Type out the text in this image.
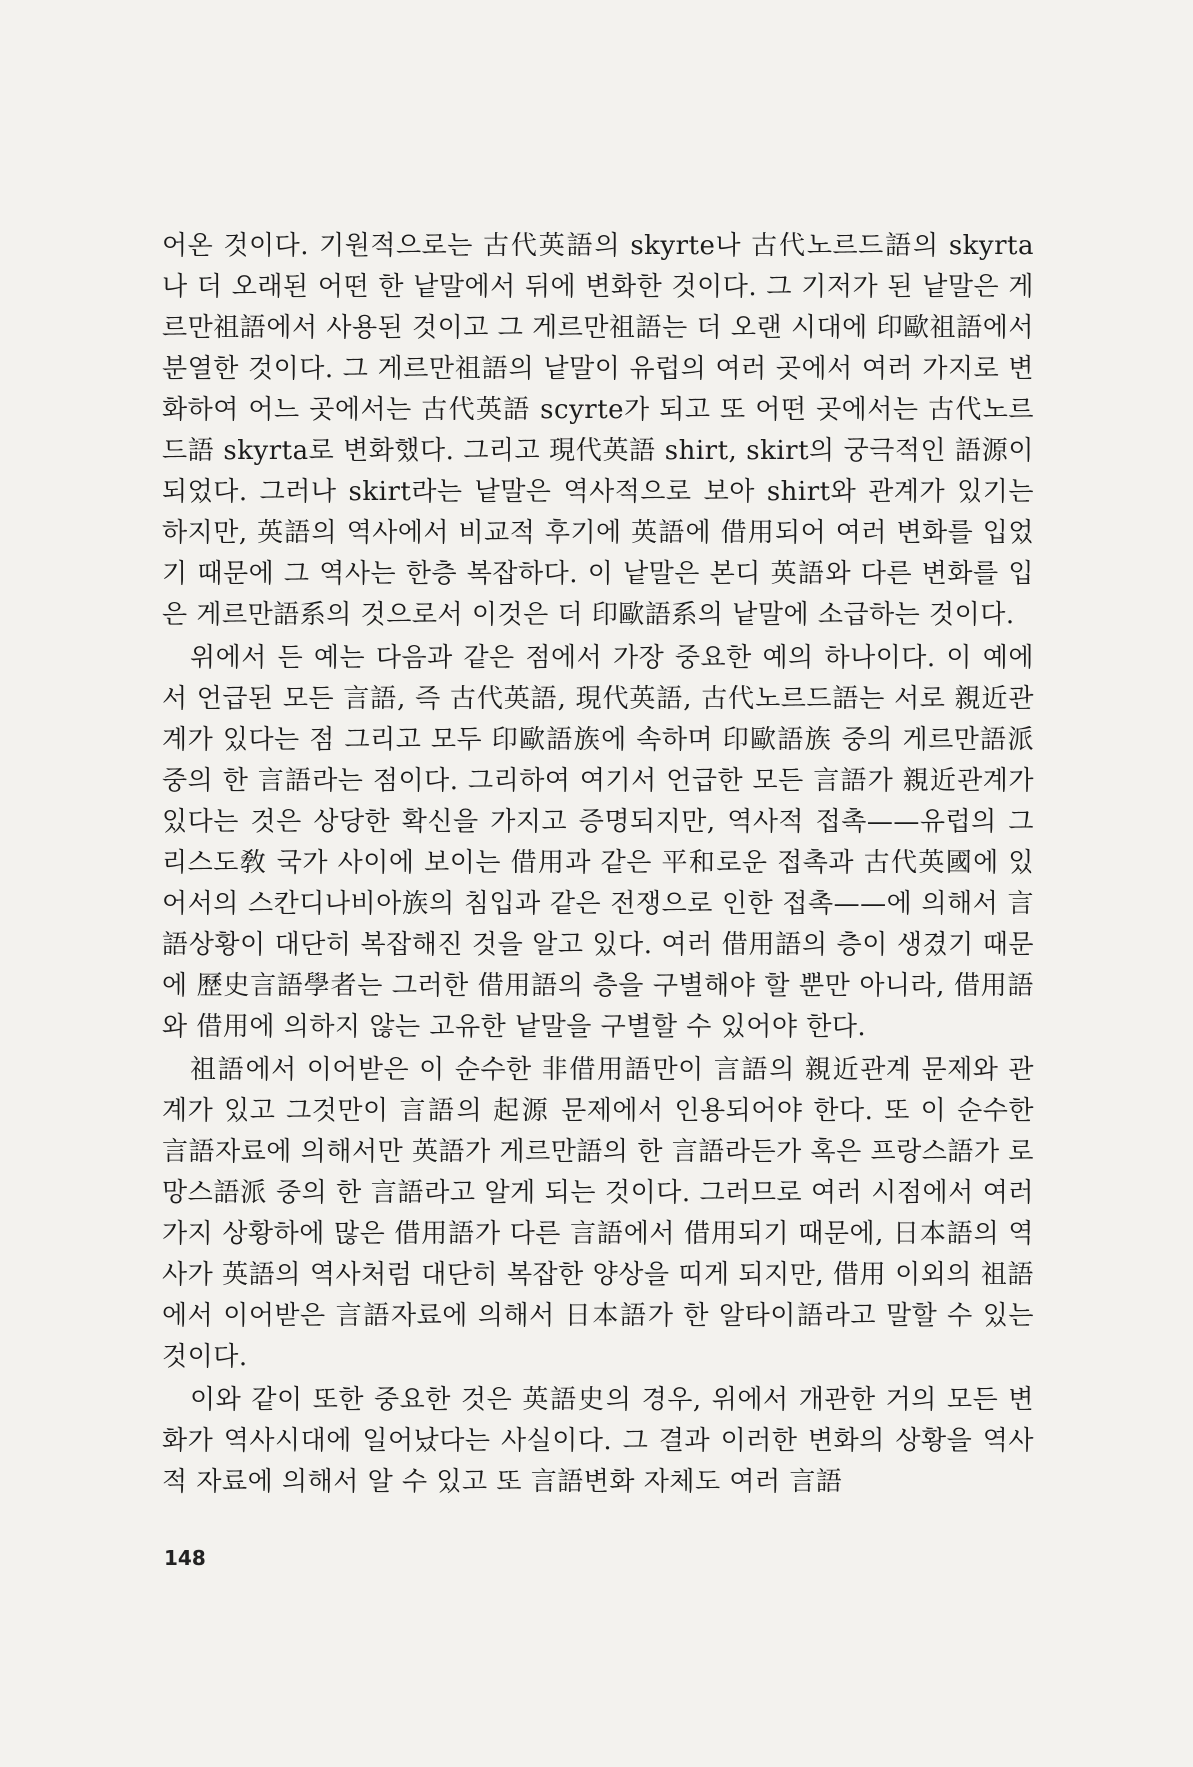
어온 것이다. 기원적으로는 古代英語의 skyrte나 古代노르드語의 skyrta나 더 오래된 어떤 한 낱말에서 뒤에 변화한 것이다. 그 기저가 된 낱말은 게르만祖語에서 사용된 것이고 그 게르만祖語는 더 오랜 시대에 印歐祖語에서 분열한 것이다. 그 게르만祖語의 낱말이 유럽의 여러 곳에서 여러 가지로 변화하여 어느 곳에서는 古代英語 scyrte가 되고 또 어떤 곳에서는 古代노르드語 skyrta로 변화했다. 그리고 現代英語 shirt, skirt의 궁극적인 語源이 되었다. 그러나 skirt라는 낱말은 역사적으로 보아 shirt와 관계가 있기는 하지만, 英語의 역사에서 비교적 후기에 英語에 借用되어 여러 변화를 입었기 때문에 그 역사는 한층 복잡하다. 이 낱말은 본디 英語와 다른 변화를 입은 게르만語系의 것으로서 이것은 더 印歐語系의 낱말에 소급하는 것이다.

위에서 든 예는 다음과 같은 점에서 가장 중요한 예의 하나이다. 이 예에서 언급된 모든 言語, 즉 古代英語, 現代英語, 古代노르드語는 서로 親近관계가 있다는 점 그리고 모두 印歐語族에 속하며 印歐語族 중의 게르만語派 중의 한 言語라는 점이다. 그리하여 여기서 언급한 모든 言語가 親近관계가 있다는 것은 상당한 확신을 가지고 증명되지만, 역사적 접촉——유럽의 그리스도敎 국가 사이에 보이는 借用과 같은 平和로운 접촉과 古代英國에 있어서의 스칸디나비아族의 침입과 같은 전쟁으로 인한 접촉——에 의해서 言語상황이 대단히 복잡해진 것을 알고 있다. 여러 借用語의 층이 생겼기 때문에 歷史言語學者는 그러한 借用語의 층을 구별해야 할 뿐만 아니라, 借用語와 借用에 의하지 않는 고유한 낱말을 구별할 수 있어야 한다.

祖語에서 이어받은 이 순수한 非借用語만이 言語의 親近관계 문제와 관계가 있고 그것만이 言語의 起源 문제에서 인용되어야 한다. 또 이 순수한 言語자료에 의해서만 英語가 게르만語의 한 言語라든가 혹은 프랑스語가 로망스語派 중의 한 言語라고 알게 되는 것이다. 그러므로 여러 시점에서 여러 가지 상황하에 많은 借用語가 다른 言語에서 借用되기 때문에, 日本語의 역사가 英語의 역사처럼 대단히 복잡한 양상을 띠게 되지만, 借用 이외의 祖語에서 이어받은 言語자료에 의해서 日本語가 한 알타이語라고 말할 수 있는 것이다.

이와 같이 또한 중요한 것은 英語史의 경우, 위에서 개관한 거의 모든 변화가 역사시대에 일어났다는 사실이다. 그 결과 이러한 변화의 상황을 역사적 자료에 의해서 알 수 있고 또 言語변화 자체도 여러 言語

148
